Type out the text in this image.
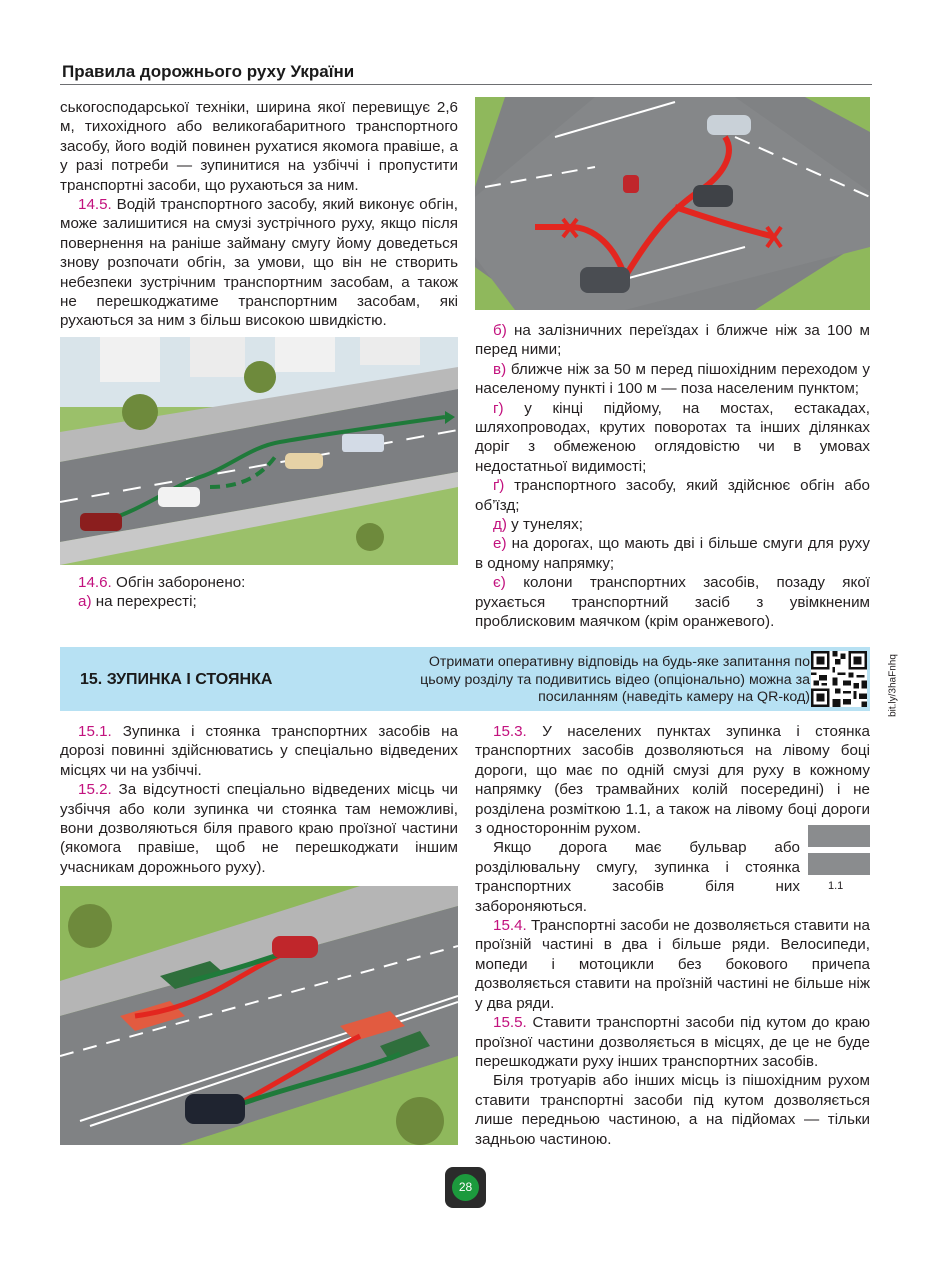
Правила дорожнього руху України

ськогосподарської техніки, ширина якої перевищує 2,6 м, тихохідного або великогабаритного транспортного засобу, його водій повинен рухатися якомога правіше, а у разі потреби — зупинитися на узбіччі і пропустити транспортні засоби, що рухаються за ним.

14.5. Водій транспортного засобу, який виконує обгін, може залишитися на смузі зустрічного руху, якщо після повернення на раніше займану смугу йому доведеться знову розпочати обгін, за умови, що він не створить небезпеки зустрічним транспортним засобам, а також не перешкоджатиме транспортним засобам, які рухаються за ним з більш високою швидкістю.

14.6. Обгін заборонено:

а) на перехресті;

б) на залізничних переїздах і ближче ніж за 100 м перед ними;

в) ближче ніж за 50 м перед пішохідним переходом у населеному пункті і 100 м — поза населеним пунктом;

г) у кінці підйому, на мостах, естакадах, шляхопроводах, крутих поворотах та інших ділянках доріг з обмеженою оглядовістю чи в умовах недостатньої видимості;

ґ) транспортного засобу, який здійснює обгін або об’їзд;

д) у тунелях;

е) на дорогах, що мають дві і більше смуги для руху в одному напрямку;

є) колони транспортних засобів, позаду якої рухається транспортний засіб з увімкненим проблисковим маячком (крім оранжевого).

15. ЗУПИНКА І СТОЯНКА
Отримати оперативну відповідь на будь-яке запитання по цьому розділу та подивитись відео (опціонально) можна за посиланням (наведіть камеру на QR-код)	bit.ly/3haFnhq

15.1. Зупинка і стоянка транспортних засобів на дорозі повинні здійснюватись у спеціально відведених місцях чи на узбіччі.

15.2. За відсутності спеціально відведених місць чи узбіччя або коли зупинка чи стоянка там неможливі, вони дозволяються біля правого краю проїзної частини (якомога правіше, щоб не перешкоджати іншим учасникам дорожнього руху).

15.3. У населених пунктах зупинка і стоянка транспортних засобів дозволяються на лівому боці дороги, що має по одній смузі для руху в кожному напрямку (без трамвайних колій посередині) і не розділена розміткою 1.1, а також на лівому боці дороги з одностороннім рухом.

Якщо дорога має бульвар або розділювальну смугу, зупинка і стоянка транспортних засобів біля них забороняються.

15.4. Транспортні засоби не дозволяється ставити на проїзній частині в два і більше ряди. Велосипеди, мопеди і мотоцикли без бокового причепа дозволяється ставити на проїзній частині не більше ніж у два ряди.

15.5. Ставити транспортні засоби під кутом до краю проїзної частини дозволяється в місцях, де це не буде перешкоджати руху інших транспортних засобів.

Біля тротуарів або інших місць із пішохідним рухом ставити транспортні засоби під кутом дозволяється лише передньою частиною, а на підйомах — тільки задньою частиною.

1.1
28
